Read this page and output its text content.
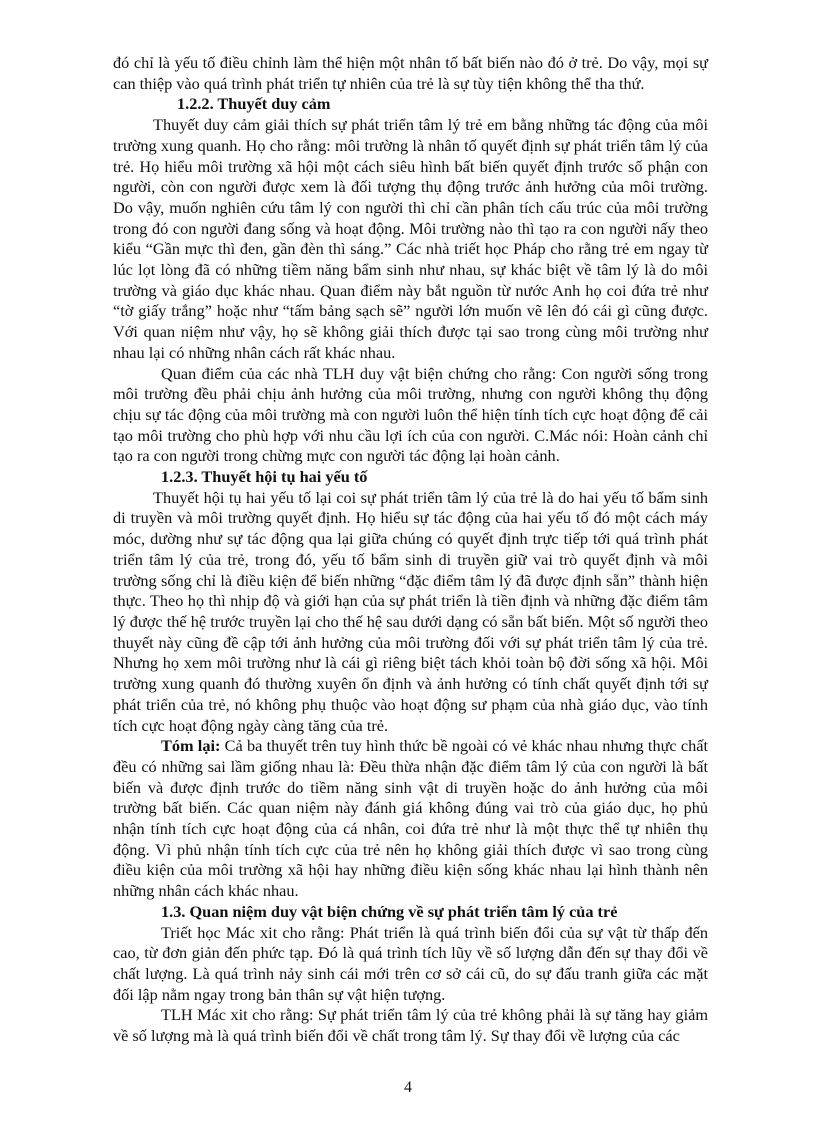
đó chỉ là yếu tố điều chỉnh làm thể hiện một nhân tố bất biến nào đó ở trẻ. Do vậy, mọi sự can thiệp vào quá trình phát triển tự nhiên của trẻ là sự tùy tiện không thể tha thứ.

1.2.2. Thuyết duy cảm

Thuyết duy cảm giải thích sự phát triển tâm lý trẻ em bằng những tác động của môi trường xung quanh. Họ cho rằng: môi trường là nhân tố quyết định sự phát triển tâm lý của trẻ. Họ hiểu môi trường xã hội một cách siêu hình bất biến quyết định trước số phận con người, còn con người được xem là đối tượng thụ động trước ảnh hưởng của môi trường. Do vậy, muốn nghiên cứu tâm lý con người thì chỉ cần phân tích cấu trúc của môi trường trong đó con người đang sống và hoạt động. Môi trường nào thì tạo ra con người nấy theo kiểu “Gần mực thì đen, gần đèn thì sáng.” Các nhà triết học Pháp cho rằng trẻ em ngay từ lúc lọt lòng đã có những tiềm năng bẩm sinh như nhau, sự khác biệt về tâm lý là do môi trường và giáo dục khác nhau. Quan điểm này bắt nguồn từ nước Anh họ coi đứa trẻ như “tờ giấy trắng” hoặc như “tấm bảng sạch sẽ” người lớn muốn vẽ lên đó cái gì cũng được. Với quan niệm như vậy, họ sẽ không giải thích được tại sao trong cùng môi trường như nhau lại có những nhân cách rất khác nhau.

Quan điểm của các nhà TLH duy vật biện chứng cho rằng: Con người sống trong môi trường đều phải chịu ảnh hưởng của môi trường, nhưng con người không thụ động chịu sự tác động của môi trường mà con người luôn thể hiện tính tích cực hoạt động để cải tạo môi trường cho phù hợp với nhu cầu lợi ích của con người. C.Mác nói: Hoàn cảnh chỉ tạo ra con người trong chừng mực con người tác động lại hoàn cảnh.

1.2.3. Thuyết hội tụ hai yếu tố

Thuyết hội tụ hai yếu tố lại coi sự phát triển tâm lý của trẻ là do hai yếu tố bẩm sinh di truyền và môi trường quyết định. Họ hiểu sự tác động của hai yếu tố đó một cách máy móc, dường như sự tác động qua lại giữa chúng có quyết định trực tiếp tới quá trình phát triển tâm lý của trẻ, trong đó, yếu tố bẩm sinh di truyền giữ vai trò quyết định và môi trường sống chỉ là điều kiện để biến những “đặc điểm tâm lý đã được định sẵn” thành hiện thực. Theo họ thì nhịp độ và giới hạn của sự phát triển là tiền định và những đặc điểm tâm lý được thế hệ trước truyền lại cho thế hệ sau dưới dạng có sẵn bất biến. Một số người theo thuyết này cũng đề cập tới ảnh hưởng của môi trường đối với sự phát triển tâm lý của trẻ. Nhưng họ xem môi trường như là cái gì riêng biệt tách khỏi toàn bộ đời sống xã hội. Môi trường xung quanh đó thường xuyên ổn định và ảnh hưởng có tính chất quyết định tới sự phát triển của trẻ, nó không phụ thuộc vào hoạt động sư phạm của nhà giáo dục, vào tính tích cực hoạt động ngày càng tăng của trẻ.

Tóm lại: Cả ba thuyết trên tuy hình thức bề ngoài có vẻ khác nhau nhưng thực chất đều có những sai lầm giống nhau là: Đều thừa nhận đặc điểm tâm lý của con người là bất biến và được định trước do tiềm năng sinh vật di truyền hoặc do ảnh hưởng của môi trường bất biến. Các quan niệm này đánh giá không đúng vai trò của giáo dục, họ phủ nhận tính tích cực hoạt động của cá nhân, coi đứa trẻ như là một thực thể tự nhiên thụ động. Vì phủ nhận tính tích cực của trẻ nên họ không giải thích được vì sao trong cùng điều kiện của môi trường xã hội hay những điều kiện sống khác nhau lại hình thành nên những nhân cách khác nhau.

1.3. Quan niệm duy vật biện chứng về sự phát triển tâm lý của trẻ

Triết học Mác xit cho rằng: Phát triển là quá trình biến đổi của sự vật từ thấp đến cao, từ đơn giản đến phức tạp. Đó là quá trình tích lũy về số lượng dẫn đến sự thay đổi về chất lượng. Là quá trình nảy sinh cái mới trên cơ sở cái cũ, do sự đấu tranh giữa các mặt đối lập nằm ngay trong bản thân sự vật hiện tượng.

TLH Mác xit cho rằng: Sự phát triển tâm lý của trẻ không phải là sự tăng hay giảm về số lượng mà là quá trình biến đổi về chất trong tâm lý. Sự thay đổi về lượng của các

4
